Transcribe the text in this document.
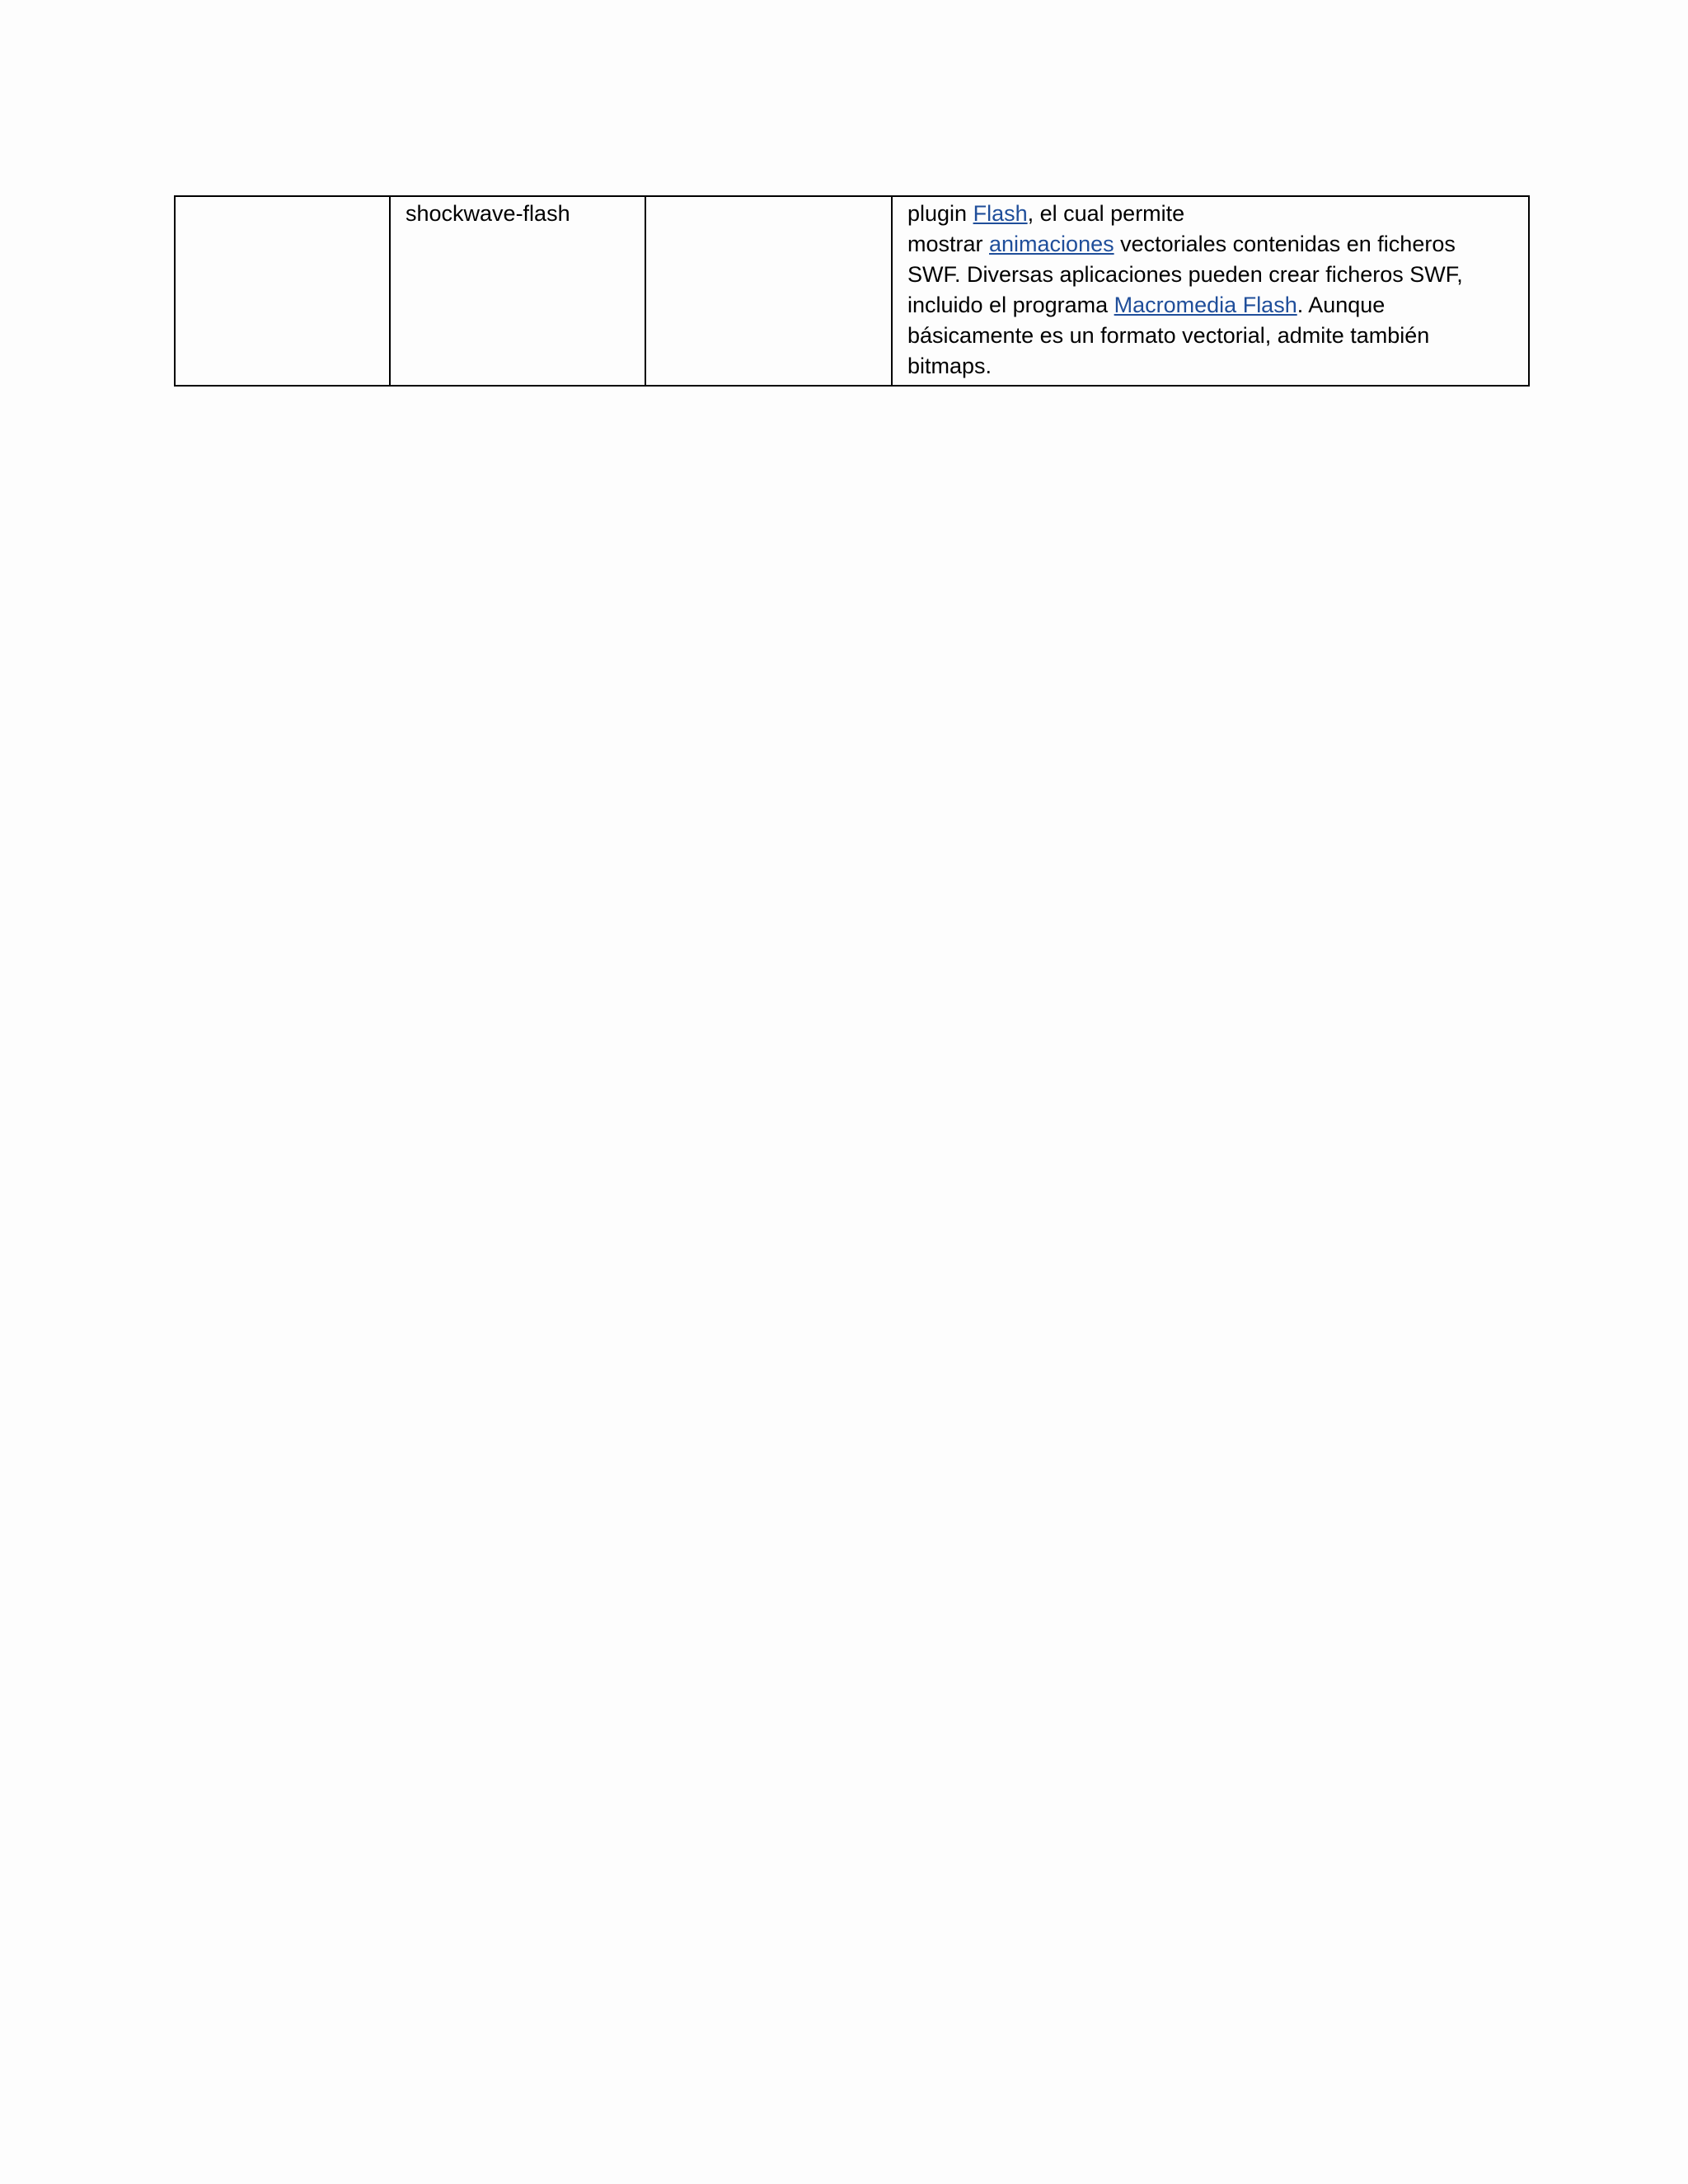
	shockwave-flash		plugin Flash, el cual permite
mostrar animaciones vectoriales contenidas en ficheros SWF. Diversas aplicaciones pueden crear ficheros SWF, incluido el programa Macromedia Flash. Aunque básicamente es un formato vectorial, admite también bitmaps.
